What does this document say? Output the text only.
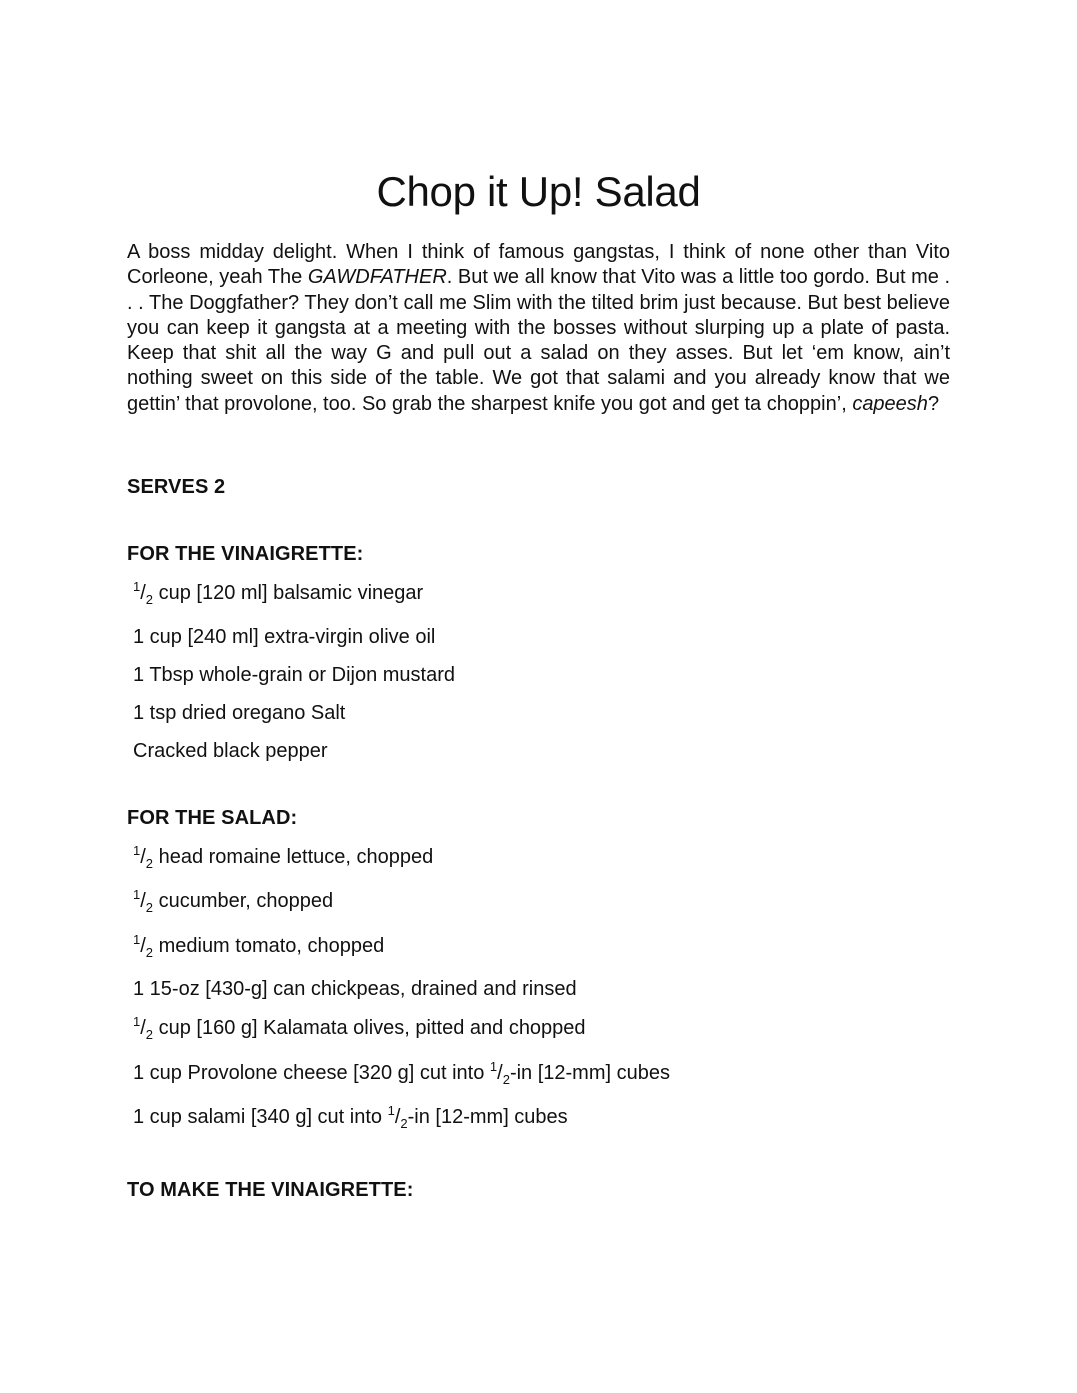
Chop it Up! Salad

A boss midday delight. When I think of famous gangstas, I think of none other than Vito Corleone, yeah The GAWDFATHER. But we all know that Vito was a little too gordo. But me . . . The Doggfather? They don’t call me Slim with the tilted brim just because. But best believe you can keep it gangsta at a meeting with the bosses without slurping up a plate of pasta. Keep that shit all the way G and pull out a salad on they asses. But let ‘em know, ain’t nothing sweet on this side of the table. We got that salami and you already know that we gettin’ that provolone, too. So grab the sharpest knife you got and get ta choppin’, capeesh?

SERVES 2
FOR THE VINAIGRETTE:
$^1/_2$ cup [120 ml] balsamic vinegar
1 cup [240 ml] extra-virgin olive oil
1 Tbsp whole-grain or Dijon mustard
1 tsp dried oregano Salt
Cracked black pepper
FOR THE SALAD:
$^1/_2$ head romaine lettuce, chopped
$^1/_2$ cucumber, chopped
$^1/_2$ medium tomato, chopped
1 15-oz [430-g] can chickpeas, drained and rinsed
$^1/_2$ cup [160 g] Kalamata olives, pitted and chopped
1 cup Provolone cheese [320 g] cut into $^1/_2-in$ [12-mm] cubes
1 cup salami [340 g] cut into $^1/_2-in$ [12-mm] cubes
TO MAKE THE VINAIGRETTE:
